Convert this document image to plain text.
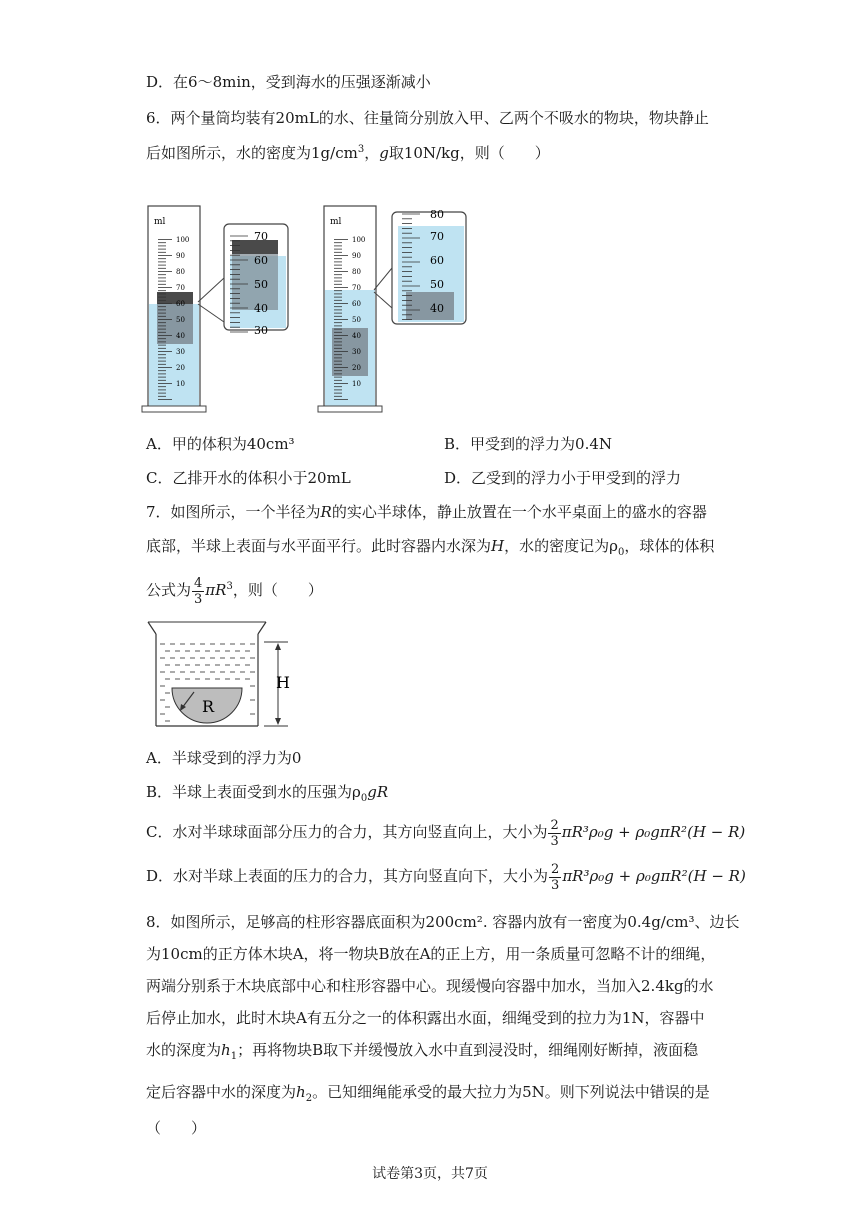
D．在6～8min，受到海水的压强逐渐减小
6．两个量筒均装有20mL的水、往量筒分别放入甲、乙两个不吸水的物块，物块静止
后如图所示，水的密度为$1g/cm^3$，g取10N/kg，则（　　）
ml
100
90
80
70
60
50
40
30
20
10
70
60
50
40
30
ml
100
90
80
70
60
50
40
30
20
10
80
70
60
50
40
A．甲的体积为40cm³	B．甲受到的浮力为0.4N
C．乙排开水的体积小于20mL	D．乙受到的浮力小于甲受到的浮力
7．如图所示，一个半径为R的实心半球体，静止放置在一个水平桌面上的盛水的容器
底部，半球上表面与水平面平行。此时容器内水深为H，水的密度记为$\rho_0$，球体的体积
公式为 $\frac{4}{3} \pi R^3$，则（　　）
R
H
A．半球受到的浮力为0
B．半球上表面受到水的压强为$\rho_0gR$
C．水对半球球面部分压力的合力，其方向竖直向上，大小为 $\frac{2}{3} \pi R^3\rho_0g + \rho_0g\pi R^2(H - R)$
D．水对半球上表面的压力的合力，其方向竖直向下，大小为 $\frac{2}{3} \pi R^3\rho_0g + \rho_0g\pi R^2(H - R)$
8．如图所示，足够高的柱形容器底面积为200cm². 容器内放有一密度为0.4g/cm³、边长
为10cm的正方体木块A，将一物块B放在A的正上方，用一条质量可忽略不计的细绳，
两端分别系于木块底部中心和柱形容器中心。现缓慢向容器中加水，当加入2.4kg的水
后停止加水，此时木块A有五分之一的体积露出水面，细绳受到的拉力为1N，容器中
水的深度为$h_1$；再将物块B取下并缓慢放入水中直到浸没时，细绳刚好断掉，液面稳
定后容器中水的深度为$h_2$。已知细绳能承受的最大拉力为5N。则下列说法中错误的是
（　　）
试卷第3页，共7页
